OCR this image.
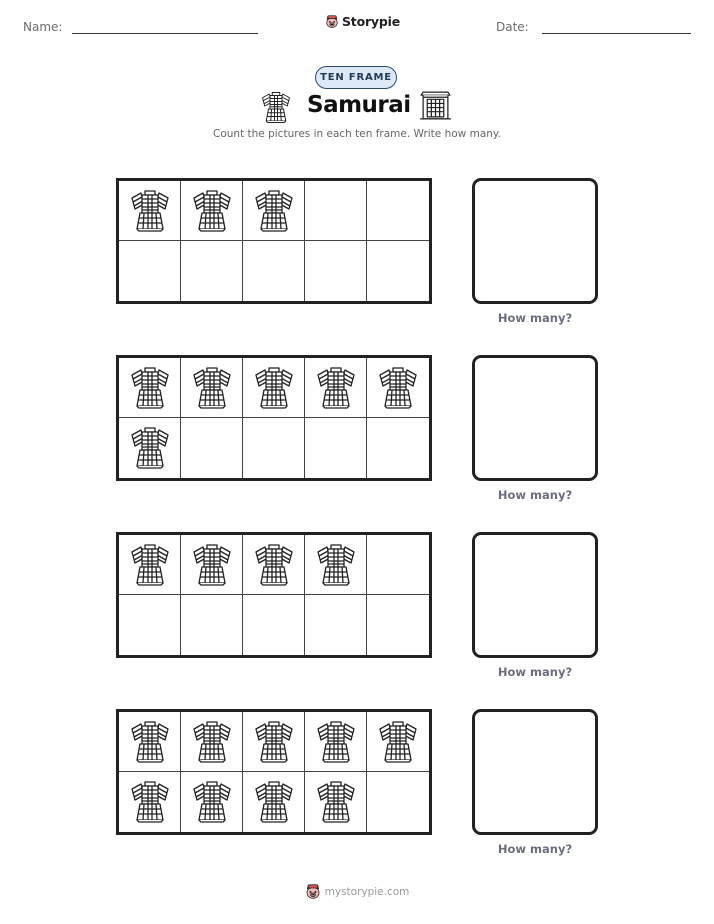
Name:	Storypie	Date:
TEN FRAME
Samurai
Count the pictures in each ten frame. Write how many.
How many?
How many?
How many?
How many?
mystorypie.com
